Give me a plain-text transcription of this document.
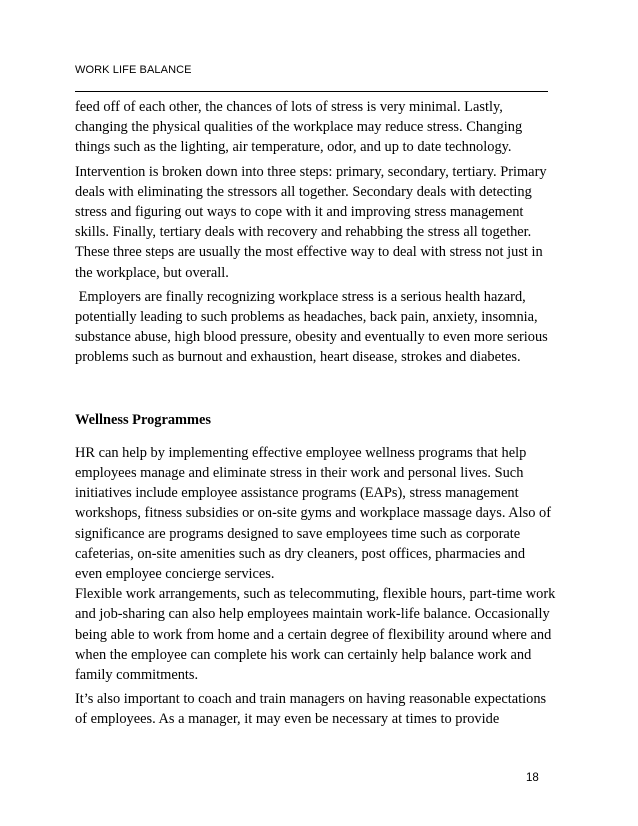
WORK LIFE BALANCE

feed off of each other, the chances of lots of stress is very minimal. Lastly,

changing the physical qualities of the workplace may reduce stress. Changing

things such as the lighting, air temperature, odor, and up to date technology.

Intervention is broken down into three steps: primary, secondary, tertiary. Primary

deals with eliminating the stressors all together. Secondary deals with detecting

stress and figuring out ways to cope with it and improving stress management

skills. Finally, tertiary deals with recovery and rehabbing the stress all together.

These three steps are usually the most effective way to deal with stress not just in

the workplace, but overall.

Employers are finally recognizing workplace stress is a serious health hazard,

potentially leading to such problems as headaches, back pain, anxiety, insomnia,

substance abuse, high blood pressure, obesity and eventually to even more serious

problems such as burnout and exhaustion, heart disease, strokes and diabetes.

Wellness Programmes

HR can help by implementing effective employee wellness programs that help

employees manage and eliminate stress in their work and personal lives. Such

initiatives include employee assistance programs (EAPs), stress management

workshops, fitness subsidies or on-site gyms and workplace massage days. Also of

significance are programs designed to save employees time such as corporate

cafeterias, on-site amenities such as dry cleaners, post offices, pharmacies and

even employee concierge services.

Flexible work arrangements, such as telecommuting, flexible hours, part-time work

and job-sharing can also help employees maintain work-life balance. Occasionally

being able to work from home and a certain degree of flexibility around where and

when the employee can complete his work can certainly help balance work and

family commitments.

It’s also important to coach and train managers on having reasonable expectations

of employees. As a manager, it may even be necessary at times to provide

18
